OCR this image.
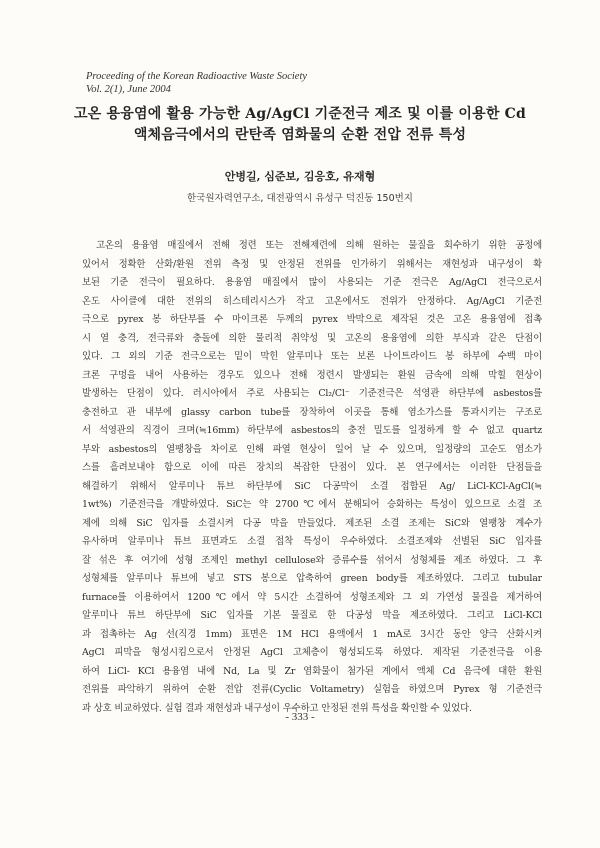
Proceeding of the Korean Radioactive Waste Society
Vol. 2(1), June 2004
고온 용융염에 활용 가능한 Ag/AgCl 기준전극 제조 및 이를 이용한 Cd
액체음극에서의 란탄족 염화물의 순환 전압 전류 특성
안병길, 심준보, 김응호, 유재형
한국원자력연구소, 대전광역시 유성구 덕진동 150번지
고온의 용융염 매질에서 전해 정련 또는 전해제련에 의해 원하는 물질을 회수하기 위한 공정에
있어서 정확한 산화/환원 전위 측정 및 안정된 전위를 인가하기 위해서는 재현성과 내구성이 확
보된 기준 전극이 필요하다. 용융염 매질에서 많이 사용되는 기준 전극은 Ag/AgCl 전극으로서
온도 사이클에 대한 전위의 히스테리시스가 작고 고온에서도 전위가 안정하다. Ag/AgCl 기준전
극으로 pyrex 봉 하단부를 수 마이크론 두께의 pyrex 박막으로 제작된 것은 고온 용융염에 접촉
시 열 충격, 전극류와 충돌에 의한 물리적 취약성 및 고온의 용융염에 의한 부식과 같은 단점이
있다. 그 외의 기준 전극으로는 밑이 막힌 알루미나 또는 보론 나이트라이드 봉 하부에 수백 마이
크론 구멍을 내어 사용하는 경우도 있으나 전해 정련시 발생되는 환원 금속에 의해 막힐 현상이
발생하는 단점이 있다. 러시아에서 주로 사용되는 Cl₂/Cl⁻ 기준전극은 석영관 하단부에 asbestos를
충전하고 관 내부에 glassy carbon tube를 장착하여 이곳을 통해 염소가스를 통과시키는 구조로
서 석영관의 직경이 크며(≒16mm) 하단부에 asbestos의 충전 밀도를 일정하게 할 수 없고 quartz
부와 asbestos의 열팽창을 차이로 인해 파열 현상이 일어 날 수 있으며, 일정량의 고순도 염소가
스를 흘려보내야 함으로 이에 따른 장치의 복잡한 단점이 있다. 본 연구에서는 이러한 단점들을
해결하기 위해서 알루미나 튜브 하단부에 SiC 다공막이 소결 접합된 Ag/ LiCl-KCl-AgCl(≒
1wt%) 기준전극을 개발하였다. SiC는 약 2700℃에서 분해되어 승화하는 특성이 있으므로 소결 조
제에 의해 SiC 입자를 소결시켜 다공 막을 만들었다. 제조된 소결 조제는 SiC와 열팽창 계수가
유사하며 알루미나 튜브 표면과도 소결 접착 특성이 우수하였다. 소결조제와 선별된 SiC 입자를
잘 섞은 후 여기에 성형 조제인 methyl cellulose와 증류수를 섞어서 성형체를 제조 하였다. 그 후
성형체를 알루미나 튜브에 넣고 STS 봉으로 압축하여 green body를 제조하였다. 그리고 tubular
furnace를 이용하여서 1200℃에서 약 5시간 소결하여 성형조제와 그 외 가연성 물질을 제거하여
알루미나 튜브 하단부에 SiC 입자를 기본 물질로 한 다공성 막을 제조하였다. 그리고 LiCl-KCl
과 접촉하는 Ag 선(직경 1mm) 표면은 1M HCl 용액에서 1 mA로 3시간 동안 양극 산화시켜
AgCl 피막을 형성시킴으로서 안정된 AgCl 고체층이 형성되도록 하였다. 제작된 기준전극을 이용
하여 LiCl- KCl 용융염 내에 Nd, La 및 Zr 염화물이 첨가된 계에서 액체 Cd 음극에 대한 환원
전위를 파악하기 위하여 순환 전압 전류(Cyclic Voltametry) 실험을 하였으며 Pyrex 형 기준전극
과 상호 비교하였다. 실험 결과 재현성과 내구성이 우수하고 안정된 전위 특성을 확인할 수 있었다.
- 333 -
